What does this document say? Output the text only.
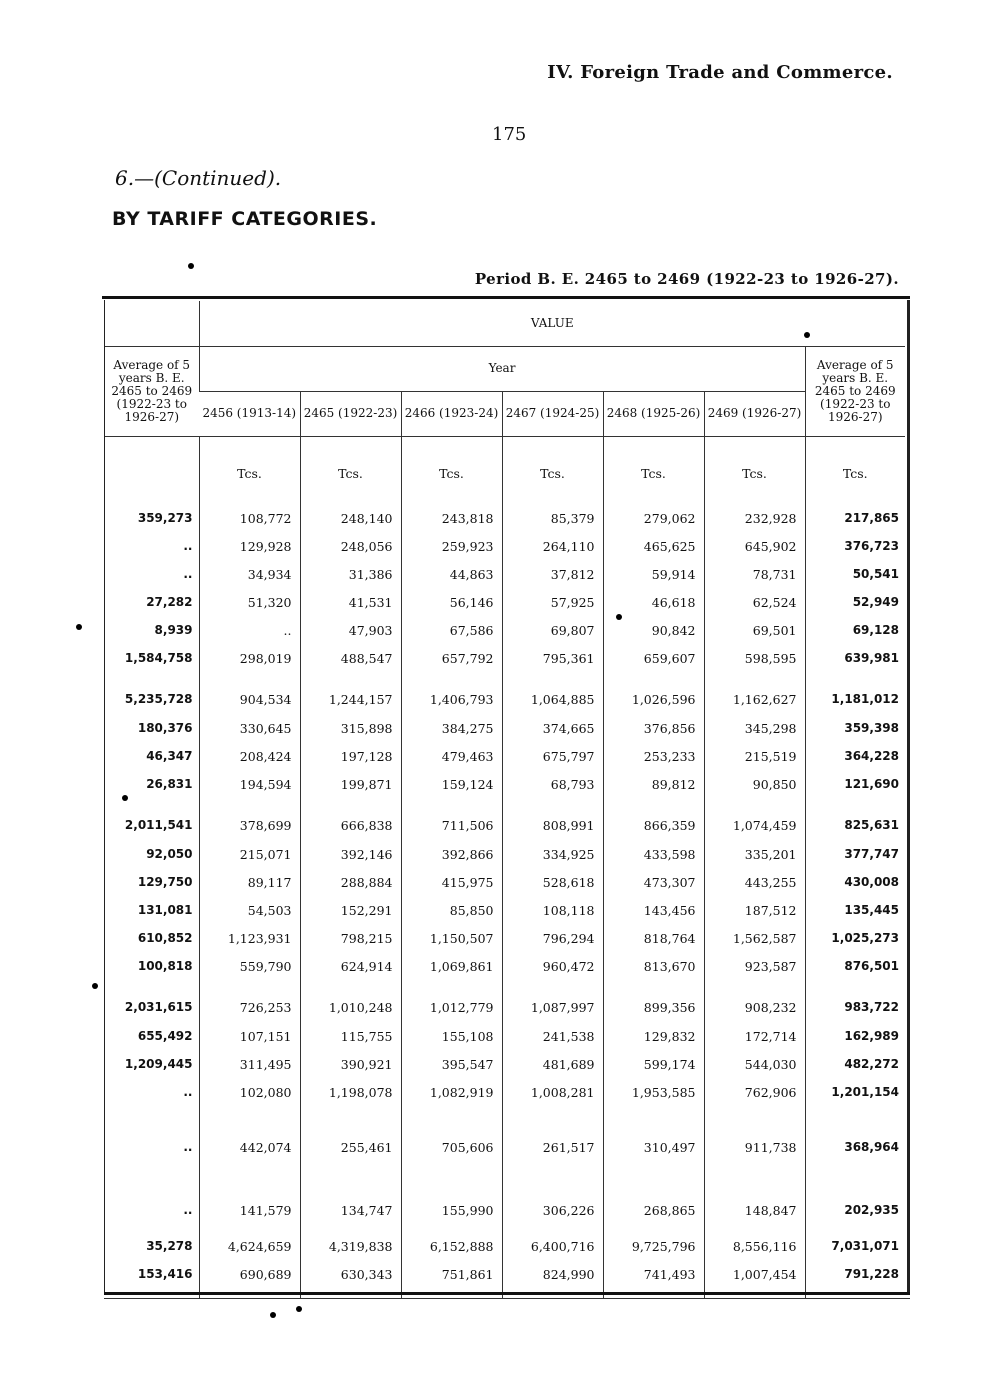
IV. Foreign Trade and Commerce.
175
6.—(Continued).
BY TARIFF CATEGORIES.
Period B. E. 2465 to 2469 (1922-23 to 1926-27).
	VALUE						
Average of 5 years B. E. 2465 to 2469 (1922-23 to 1926-27)	Year						Average of 5 years B. E. 2465 to 2469 (1922-23 to 1926-27)
	2456 (1913-14)	2465 (1922-23)	2466 (1923-24)	2467 (1924-25)	2468 (1925-26)	2469 (1926-27)	
	Tcs.	Tcs.	Tcs.	Tcs.	Tcs.	Tcs.	Tcs.
359,273	108,772	248,140	243,818	85,379	279,062	232,928	217,865
..	129,928	248,056	259,923	264,110	465,625	645,902	376,723
..	34,934	31,386	44,863	37,812	59,914	78,731	50,541
27,282	51,320	41,531	56,146	57,925	46,618	62,524	52,949
8,939	..	47,903	67,586	69,807	90,842	69,501	69,128
1,584,758	298,019	488,547	657,792	795,361	659,607	598,595	639,981
5,235,728	904,534	1,244,157	1,406,793	1,064,885	1,026,596	1,162,627	1,181,012
180,376	330,645	315,898	384,275	374,665	376,856	345,298	359,398
46,347	208,424	197,128	479,463	675,797	253,233	215,519	364,228
26,831	194,594	199,871	159,124	68,793	89,812	90,850	121,690
2,011,541	378,699	666,838	711,506	808,991	866,359	1,074,459	825,631
92,050	215,071	392,146	392,866	334,925	433,598	335,201	377,747
129,750	89,117	288,884	415,975	528,618	473,307	443,255	430,008
131,081	54,503	152,291	85,850	108,118	143,456	187,512	135,445
610,852	1,123,931	798,215	1,150,507	796,294	818,764	1,562,587	1,025,273
100,818	559,790	624,914	1,069,861	960,472	813,670	923,587	876,501
2,031,615	726,253	1,010,248	1,012,779	1,087,997	899,356	908,232	983,722
655,492	107,151	115,755	155,108	241,538	129,832	172,714	162,989
1,209,445	311,495	390,921	395,547	481,689	599,174	544,030	482,272
..	102,080	1,198,078	1,082,919	1,008,281	1,953,585	762,906	1,201,154
..	442,074	255,461	705,606	261,517	310,497	911,738	368,964
..	141,579	134,747	155,990	306,226	268,865	148,847	202,935
35,278	4,624,659	4,319,838	6,152,888	6,400,716	9,725,796	8,556,116	7,031,071
153,416	690,689	630,343	751,861	824,990	741,493	1,007,454	791,228
